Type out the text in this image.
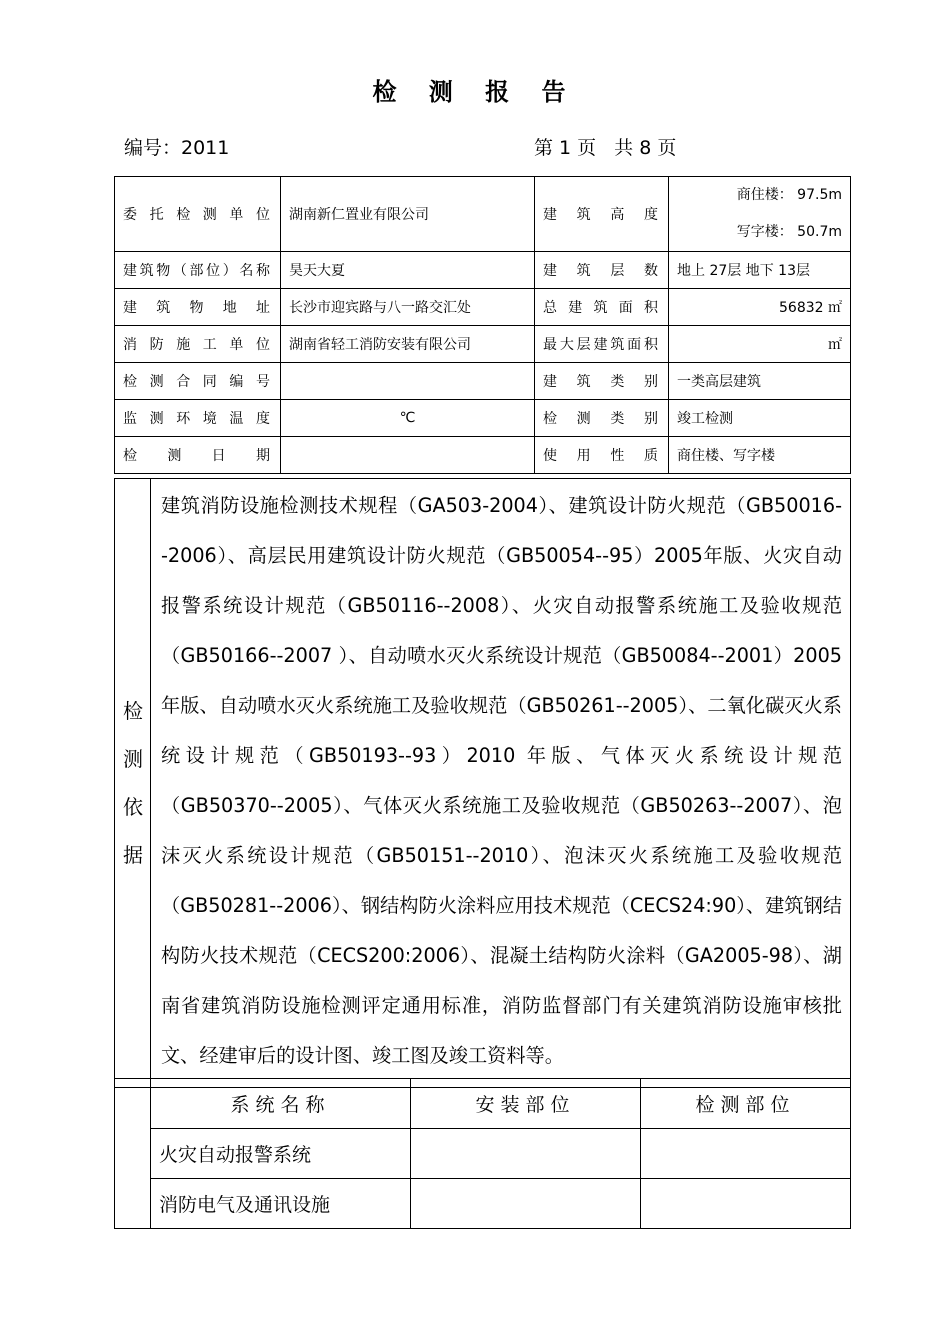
检 测 报 告
编号：2011	第 1 页 共 8 页
委托检测单位	湖南新仁置业有限公司	建筑高度	商住楼： 97.5m
写字楼： 50.7m

建筑物（部位）名称	昊天大夏	建筑层数	地上 27层 地下 13层
建筑物地址	长沙市迎宾路与八一路交汇处	总建筑面积	56832 ㎡
消防施工单位	湖南省轻工消防安装有限公司	最大层建筑面积	㎡
检测合同编号		建筑类别	一类高层建筑
监测环境温度	℃	检测类别	竣工检测
检测日期		使用性质	商住楼、写字楼
检
测
依
据
	建筑消防设施检测技术规程（GA503-2004）、建筑设计防火规范（GB50016--2006）、高层民用建筑设计防火规范（GB50054--95）2005年版、火灾自动报警系统设计规范（GB50116--2008）、火灾自动报警系统施工及验收规范（GB50166--2007 ）、自动喷水灭火系统设计规范（GB50084--2001）2005年版、自动喷水灭火系统施工及验收规范（GB50261--2005）、二氧化碳灭火系统设计规范（GB50193--93）2010 年版、气体灭火系统设计规范（GB50370--2005）、气体灭火系统施工及验收规范（GB50263--2007）、泡沫灭火系统设计规范（GB50151--2010）、泡沫灭火系统施工及验收规范（GB50281--2006）、钢结构防火涂料应用技术规范（CECS24:90）、建筑钢结构防火技术规范（CECS200:2006）、混凝土结构防火涂料（GA2005-98）、湖南省建筑消防设施检测评定通用标准，消防监督部门有关建筑消防设施审核批文、经建审后的设计图、竣工图及竣工资料等。
	系统名称	安装部位	检测部位
	火灾自动报警系统		
	消防电气及通讯设施		
